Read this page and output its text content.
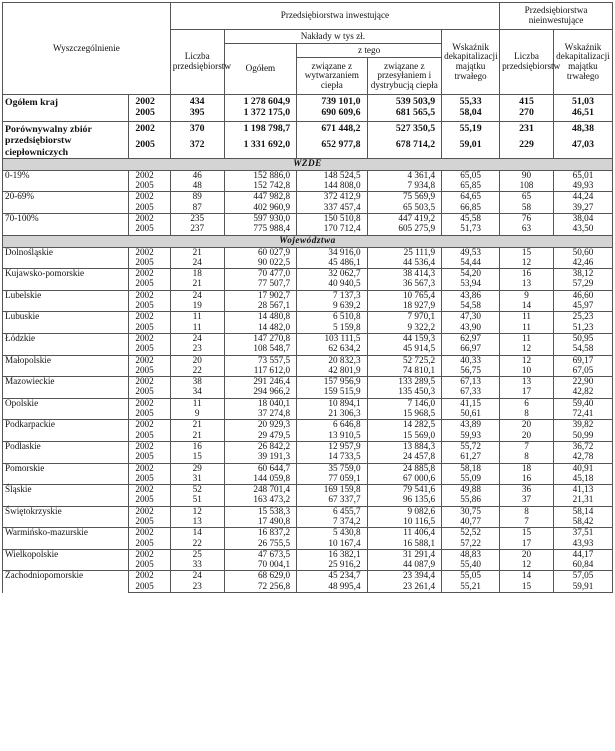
Wyszczególnienie		Przedsiębiorstwa inwestujące					Przedsiębiorstwa nieinwestujące	
		Liczba przedsiębiorstw	Nakłady w tys zł.			Wskaźnik dekapitalizacji majątku trwałego	Liczba przedsiębiorstw	Wskaźnik dekapitalizacji majątku trwałego
			Ogółem	z tego				
				związane z wytwarzaniem ciepła	związane z przesyłaniem i dystrybucją ciepła			
Ogółem kraj	2002	434	1 278 604,9	739 101,0	539 503,9	55,33	415	51,03
	2005	395	1 372 175,0	690 609,6	681 565,5	58,04	270	46,51
Porównywalny zbiór przedsiębiorstw ciepłowniczych	2002	370	1 198 798,7	671 448,2	527 350,5	55,19	231	48,38
	2005	372	1 331 692,0	652 977,8	678 714,2	59,01	229	47,03
WZDE								
0-19%	2002	46	152 886,0	148 524,5	4 361,4	65,05	90	65,01
	2005	48	152 742,8	144 808,0	7 934,8	65,85	108	49,93
20-69%	2002	89	447 982,8	372 412,9	75 569,9	64,65	65	44,24
	2005	87	402 960,9	337 457,4	65 503,5	66,85	58	39,27
70-100%	2002	235	597 930,0	150 510,8	447 419,2	45,58	76	38,04
	2005	237	775 988,4	170 712,4	605 275,9	51,73	63	43,50
Województwa								
Dolnośląskie	2002	21	60 027,9	34 916,0	25 111,9	49,53	15	50,60
	2005	24	90 022,5	45 486,1	44 536,4	54,44	12	42,46
Kujawsko-pomorskie	2002	18	70 477,0	32 062,7	38 414,3	54,20	16	38,12
	2005	21	77 507,7	40 940,5	36 567,3	53,94	13	57,29
Lubelskie	2002	24	17 902,7	7 137,3	10 765,4	43,86	9	46,60
	2005	19	28 567,1	9 639,2	18 927,9	54,58	14	45,97
Lubuskie	2002	11	14 480,8	6 510,8	7 970,1	47,30	11	25,23
	2005	11	14 482,0	5 159,8	9 322,2	43,90	11	51,23
Łódzkie	2002	24	147 270,8	103 111,5	44 159,3	62,97	11	50,95
	2005	23	108 548,7	62 634,2	45 914,5	66,97	12	54,58
Małopolskie	2002	20	73 557,5	20 832,3	52 725,2	40,33	12	69,17
	2005	22	117 612,0	42 801,9	74 810,1	56,75	10	67,05
Mazowieckie	2002	38	291 246,4	157 956,9	133 289,5	67,13	13	22,90
	2005	34	294 966,2	159 515,9	135 450,3	67,33	17	42,82
Opolskie	2002	11	18 040,1	10 894,1	7 146,0	41,15	6	59,40
	2005	9	37 274,8	21 306,3	15 968,5	50,61	8	72,41
Podkarpackie	2002	21	20 929,3	6 646,8	14 282,5	43,89	20	39,82
	2005	21	29 479,5	13 910,5	15 569,0	59,93	20	50,99
Podlaskie	2002	16	26 842,2	12 957,9	13 884,3	55,72	7	36,72
	2005	15	39 191,3	14 733,5	24 457,8	61,27	8	42,78
Pomorskie	2002	29	60 644,7	35 759,0	24 885,8	58,18	18	40,91
	2005	31	144 059,8	77 059,1	67 000,6	55,09	16	45,18
Śląskie	2002	52	248 701,4	169 159,8	79 541,6	49,88	36	41,13
	2005	51	163 473,2	67 337,7	96 135,6	55,86	37	21,31
Świętokrzyskie	2002	12	15 538,3	6 455,7	9 082,6	30,75	8	58,14
	2005	13	17 490,8	7 374,2	10 116,5	40,77	7	58,42
Warmińsko-mazurskie	2002	14	16 837,2	5 430,8	11 406,4	52,52	15	37,51
	2005	22	26 755,5	10 167,4	16 588,1	57,22	17	43,93
Wielkopolskie	2002	25	47 673,5	16 382,1	31 291,4	48,83	20	44,17
	2005	33	70 004,1	25 916,2	44 087,9	55,40	12	60,84
Zachodniopomorskie	2002	24	68 629,0	45 234,7	23 394,4	55,05	14	57,05
	2005	23	72 256,8	48 995,4	23 261,4	55,21	15	59,91
